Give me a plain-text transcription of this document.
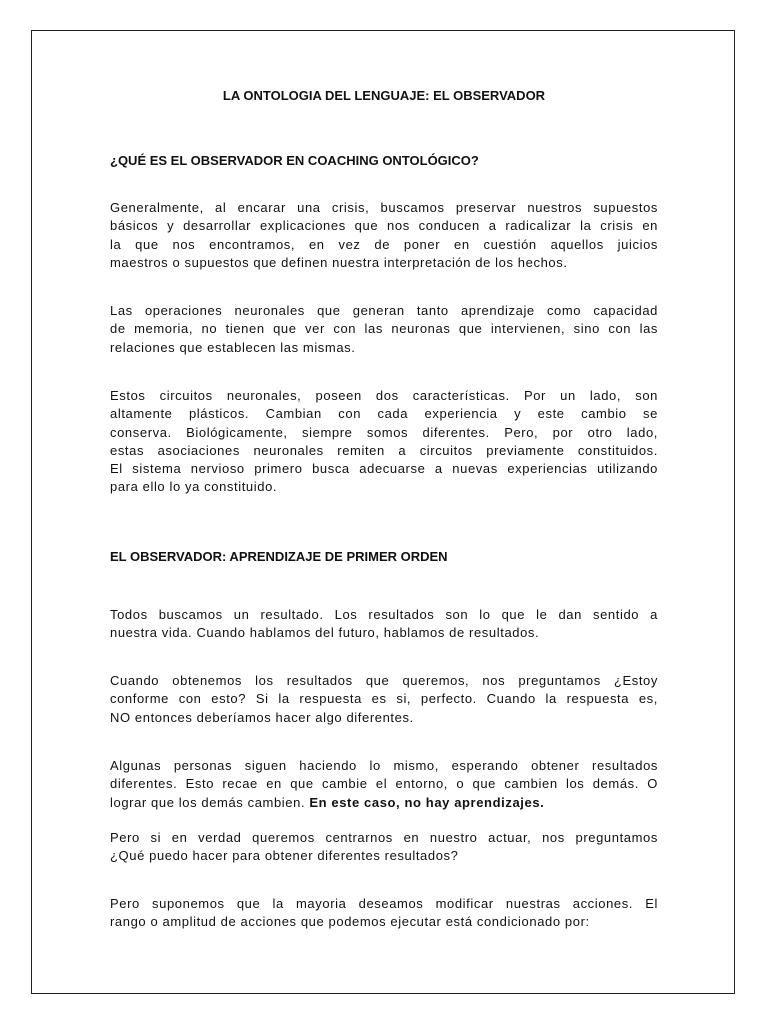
LA ONTOLOGIA DEL LENGUAJE: EL OBSERVADOR
¿QUÉ ES EL OBSERVADOR EN COACHING ONTOLÓGICO?
Generalmente, al encarar una crisis, buscamos preservar nuestros supuestos
básicos y desarrollar explicaciones que nos conducen a radicalizar la crisis en
la que nos encontramos, en vez de poner en cuestión aquellos juicios
maestros o supuestos que definen nuestra interpretación de los hechos.
Las operaciones neuronales que generan tanto aprendizaje como capacidad
de memoria, no tienen que ver con las neuronas que intervienen, sino con las
relaciones que establecen las mismas.
Estos circuitos neuronales, poseen dos características. Por un lado, son
altamente plásticos. Cambian con cada experiencia y este cambio se
conserva. Biológicamente, siempre somos diferentes. Pero, por otro lado,
estas asociaciones neuronales remiten a circuitos previamente constituidos.
El sistema nervioso primero busca adecuarse a nuevas experiencias utilizando
para ello lo ya constituido.
EL OBSERVADOR: APRENDIZAJE DE PRIMER ORDEN
Todos buscamos un resultado. Los resultados son lo que le dan sentido a
nuestra vida. Cuando hablamos del futuro, hablamos de resultados.
Cuando obtenemos los resultados que queremos, nos preguntamos ¿Estoy
conforme con esto? Si la respuesta es si, perfecto. Cuando la respuesta es,
NO entonces deberíamos hacer algo diferentes.
Algunas personas siguen haciendo lo mismo, esperando obtener resultados
diferentes. Esto recae en que cambie el entorno, o que cambien los demás. O
lograr que los demás cambien. En este caso, no hay aprendizajes.
Pero si en verdad queremos centrarnos en nuestro actuar, nos preguntamos
¿Qué puedo hacer para obtener diferentes resultados?
Pero suponemos que la mayoria deseamos modificar nuestras acciones. El
rango o amplitud de acciones que podemos ejecutar está condicionado por:
